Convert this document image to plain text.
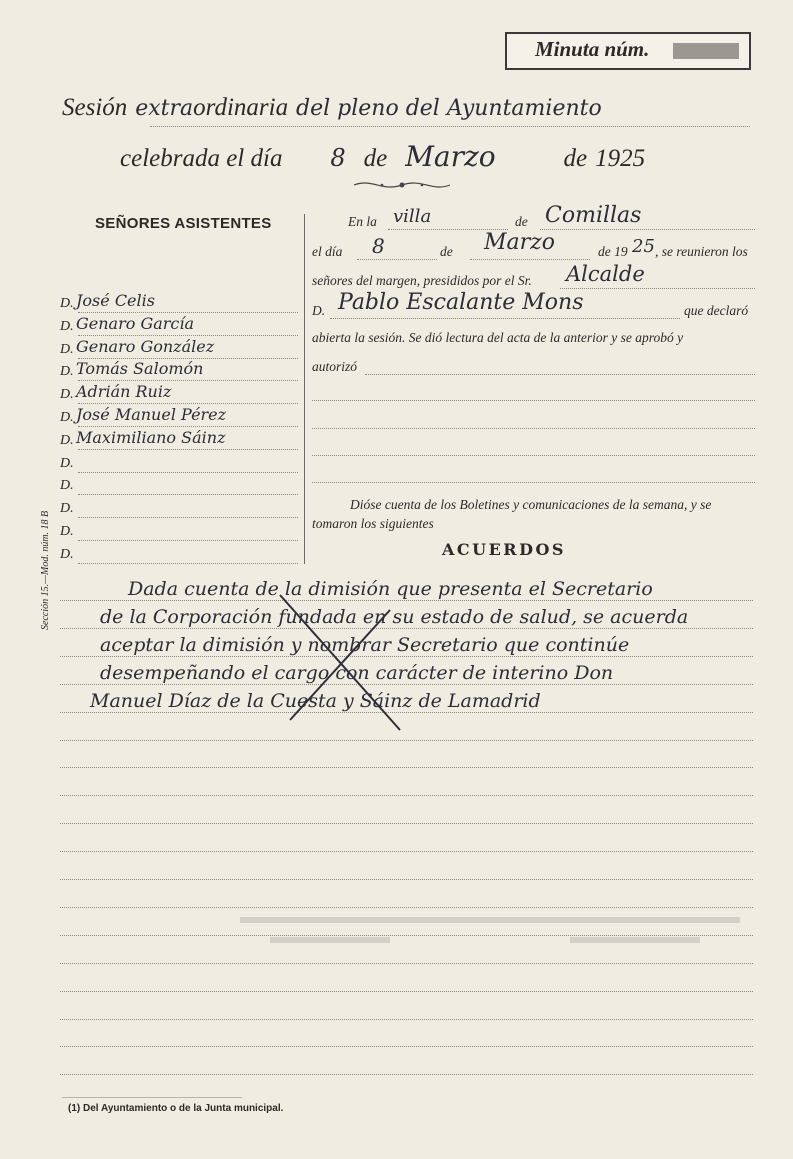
Minuta núm.
Sesión extraordinaria del pleno del Ayuntamiento
celebrada el día 8 de Marzo	de 1925
SEÑORES ASISTENTES
D. José Celis
D. Genaro García
D. Genaro González
D. Tomás Salomón
D. Adrián Ruiz
D. José Manuel Pérez
D. Maximiliano Sáinz
D.
D.
D.
D.
D.
En la villa	de Comillas
el día 8	de Marzo	de 19 25 , se reunieron los
señores del margen, presididos por el Sr. Alcalde
D. Pablo Escalante Mons	que declaró
abierta la sesión. Se dió lectura del acta de la anterior y se aprobó y
autorizó
Dióse cuenta de los Boletines y comunicaciones de la semana, y se
tomaron los siguientes
ACUERDOS
Dada cuenta de la dimisión que presenta el Secretario
de la Corporación fundada en su estado de salud, se acuerda
aceptar la dimisión y nombrar Secretario que continúe
desempeñando el cargo con carácter de interino Don
Manuel Díaz de la Cuesta y Sáinz de Lamadrid
Sección 15.—Mod. núm. 18 B
(1) Del Ayuntamiento o de la Junta municipal.
